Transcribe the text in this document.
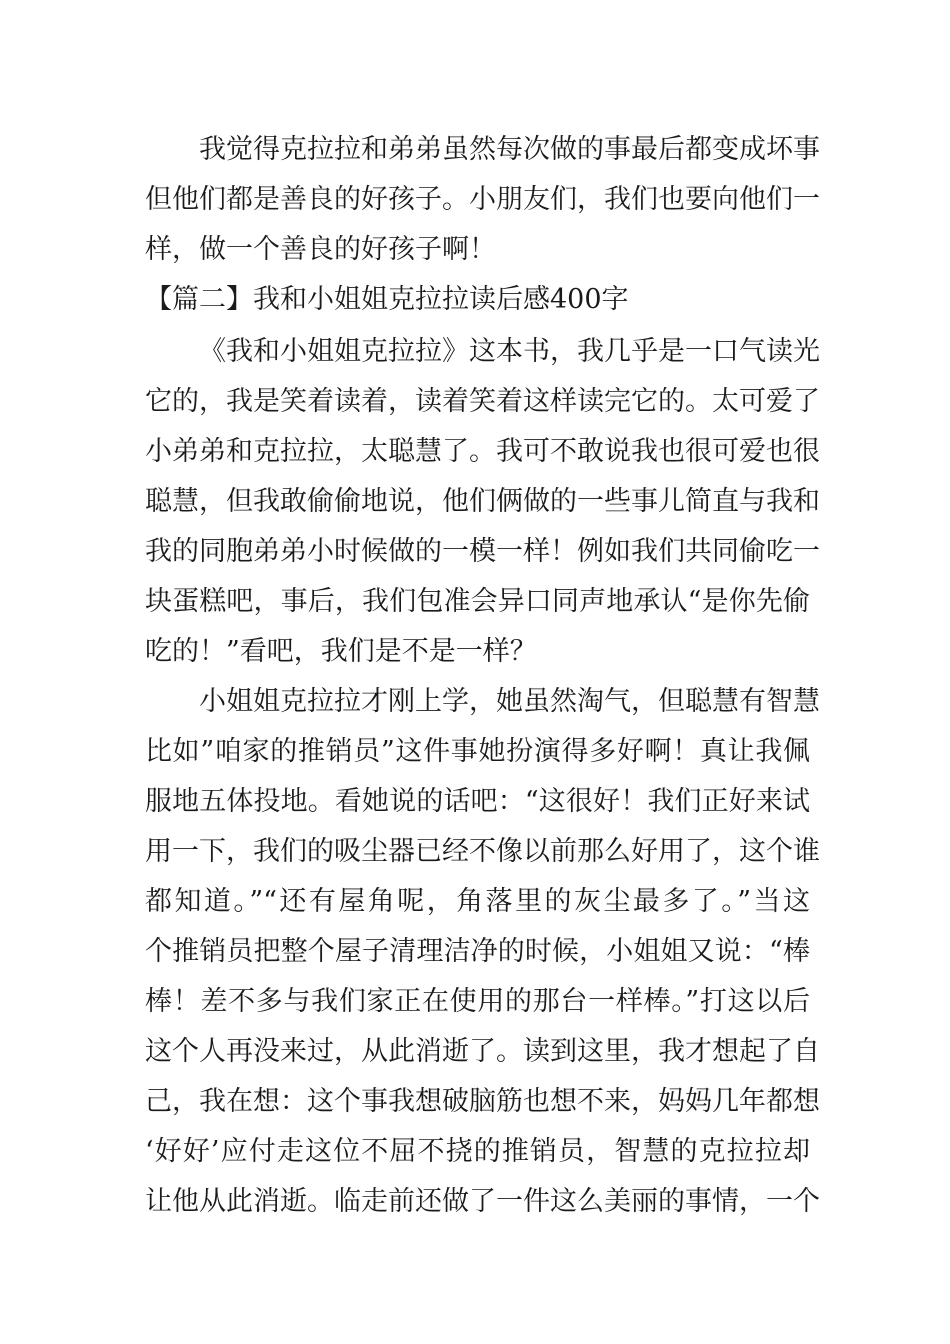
我觉得克拉拉和弟弟虽然每次做的事最后都变成坏事
但他们都是善良的好孩子。小朋友们，我们也要向他们一
样，做一个善良的好孩子啊！
【篇二】我和小姐姐克拉拉读后感400字
《我和小姐姐克拉拉》这本书，我几乎是一口气读光
它的，我是笑着读着，读着笑着这样读完它的。太可爱了
小弟弟和克拉拉，太聪慧了。我可不敢说我也很可爱也很
聪慧，但我敢偷偷地说，他们俩做的一些事儿简直与我和
我的同胞弟弟小时候做的一模一样！例如我们共同偷吃一
块蛋糕吧，事后，我们包准会异口同声地承认“是你先偷
吃的！”看吧，我们是不是一样？
小姐姐克拉拉才刚上学，她虽然淘气，但聪慧有智慧
比如”咱家的推销员”这件事她扮演得多好啊！真让我佩
服地五体投地。看她说的话吧：“这很好！我们正好来试
用一下，我们的吸尘器已经不像以前那么好用了，这个谁
都知道。”“还有屋角呢，角落里的灰尘最多了。”当这
个推销员把整个屋子清理洁净的时候，小姐姐又说：“棒
棒！差不多与我们家正在使用的那台一样棒。”打这以后
这个人再没来过，从此消逝了。读到这里，我才想起了自
己，我在想：这个事我想破脑筋也想不来，妈妈几年都想
‘好好’应付走这位不屈不挠的推销员，智慧的克拉拉却
让他从此消逝。临走前还做了一件这么美丽的事情，一个
